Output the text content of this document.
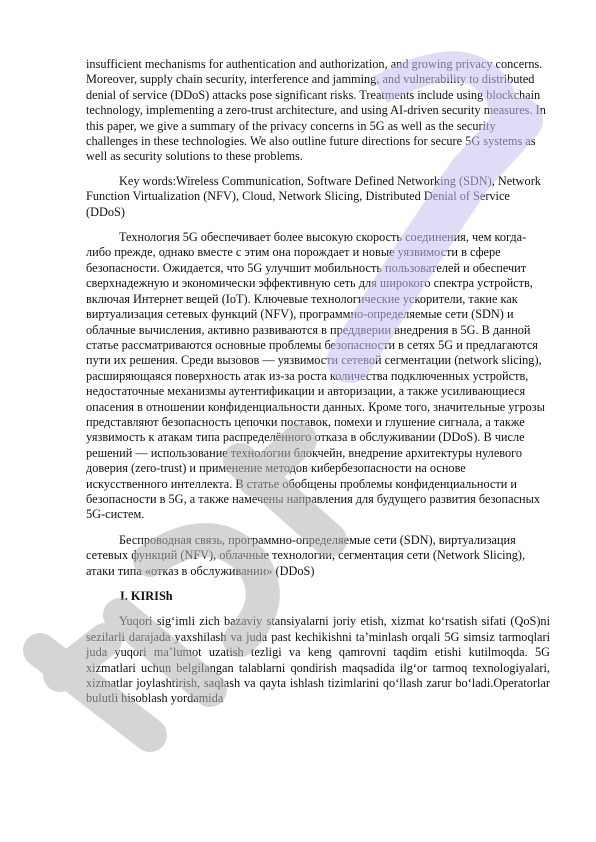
insufficient mechanisms for authentication and authorization, and growing privacy concerns. Moreover, supply chain security, interference and jamming, and vulnerability to distributed denial of service (DDoS) attacks pose significant risks. Treatments include using blockchain technology, implementing a zero-trust architecture, and using AI-driven security measures. In this paper, we give a summary of the privacy concerns in 5G as well as the security challenges in these technologies. We also outline future directions for secure 5G systems as well as security solutions to these problems.

Key words:Wireless Communication, Software Defined Networking (SDN), Network Function Virtualization (NFV), Cloud, Network Slicing, Distributed Denial of Service (DDoS)

Технология 5G обеспечивает более высокую скорость соединения, чем когда-либо прежде, однако вместе с этим она порождает и новые уязвимости в сфере безопасности. Ожидается, что 5G улучшит мобильность пользователей и обеспечит сверхнадежную и экономически эффективную сеть для широкого спектра устройств, включая Интернет вещей (IoT). Ключевые технологические ускорители, такие как виртуализация сетевых функций (NFV), программно-определяемые сети (SDN) и облачные вычисления, активно развиваются в преддверии внедрения в 5G. В данной статье рассматриваются основные проблемы безопасности в сетях 5G и предлагаются пути их решения. Среди вызовов — уязвимости сетевой сегментации (network slicing), расширяющаяся поверхность атак из-за роста количества подключенных устройств, недостаточные механизмы аутентификации и авторизации, а также усиливающиеся опасения в отношении конфиденциальности данных. Кроме того, значительные угрозы представляют безопасность цепочки поставок, помехи и глушение сигнала, а также уязвимость к атакам типа распределённого отказа в обслуживании (DDoS). В числе решений — использование технологии блокчейн, внедрение архитектуры нулевого доверия (zero-trust) и применение методов кибербезопасности на основе искусственного интеллекта. В статье обобщены проблемы конфиденциальности и безопасности в 5G, а также намечены направления для будущего развития безопасных 5G-систем.

Беспроводная связь, программно-определяемые сети (SDN), виртуализация сетевых функций (NFV), облачные технологии, сегментация сети (Network Slicing), атаки типа «отказ в обслуживании» (DDoS)

I. KIRISh

Yuqori sig‘imli zich bazaviy stansiyalarni joriy etish, xizmat ko‘rsatish sifati (QoS)ni sezilarli darajada yaxshilash va juda past kechikishni ta’minlash orqali 5G simsiz tarmoqlari juda yuqori ma’lumot uzatish tezligi va keng qamrovni taqdim etishi kutilmoqda. 5G xizmatlari uchun belgilangan talablarni qondirish maqsadida ilg‘or tarmoq texnologiyalari, xizmatlar joylashtirish, saqlash va qayta ishlash tizimlarini qo‘llash zarur bo‘ladi.Operatorlar bulutli hisoblash yordamida
